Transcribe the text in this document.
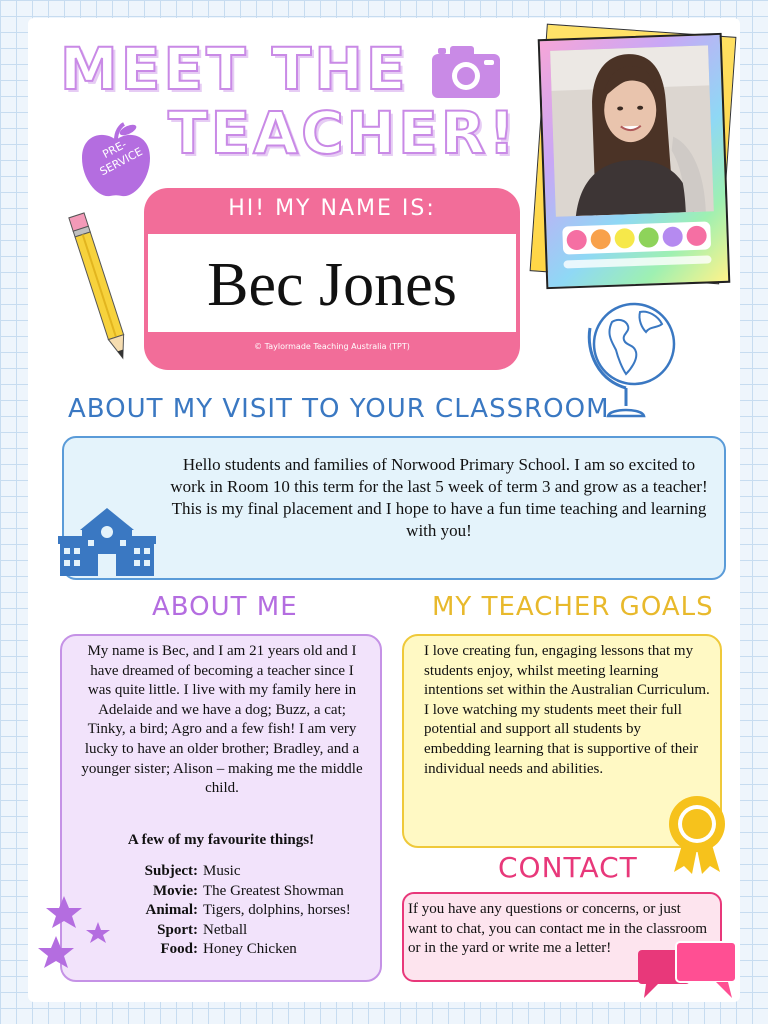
MEET THE
TEACHER!
PRE-SERVICE
HI! MY NAME IS:
Bec Jones
© Taylormade Teaching Australia (TPT)
ABOUT MY VISIT TO YOUR CLASSROOM
Hello students and families of Norwood Primary School. I am so excited to work in Room 10 this term for the last 5 week of term 3 and grow as a teacher! This is my final placement and I hope to have a fun time teaching and learning with you!
ABOUT ME
My name is Bec, and I am 21 years old and I have dreamed of becoming a teacher since I was quite little. I live with my family here in Adelaide and we have a dog; Buzz, a cat; Tinky, a bird; Agro and a few fish! I am very lucky to have an older brother; Bradley, and a younger sister; Alison – making me the middle child.
A few of my favourite things!
Subject: Music
Movie: The Greatest Showman
Animal: Tigers, dolphins, horses!
Sport: Netball
Food: Honey Chicken
MY TEACHER GOALS
I love creating fun, engaging lessons that my students enjoy, whilst meeting learning intentions set within the Australian Curriculum. I love watching my students meet their full potential and support all students by embedding learning that is supportive of their individual needs and abilities.
CONTACT
If you have any questions or concerns, or just want to chat, you can contact me in the classroom or in the yard or write me a letter!
